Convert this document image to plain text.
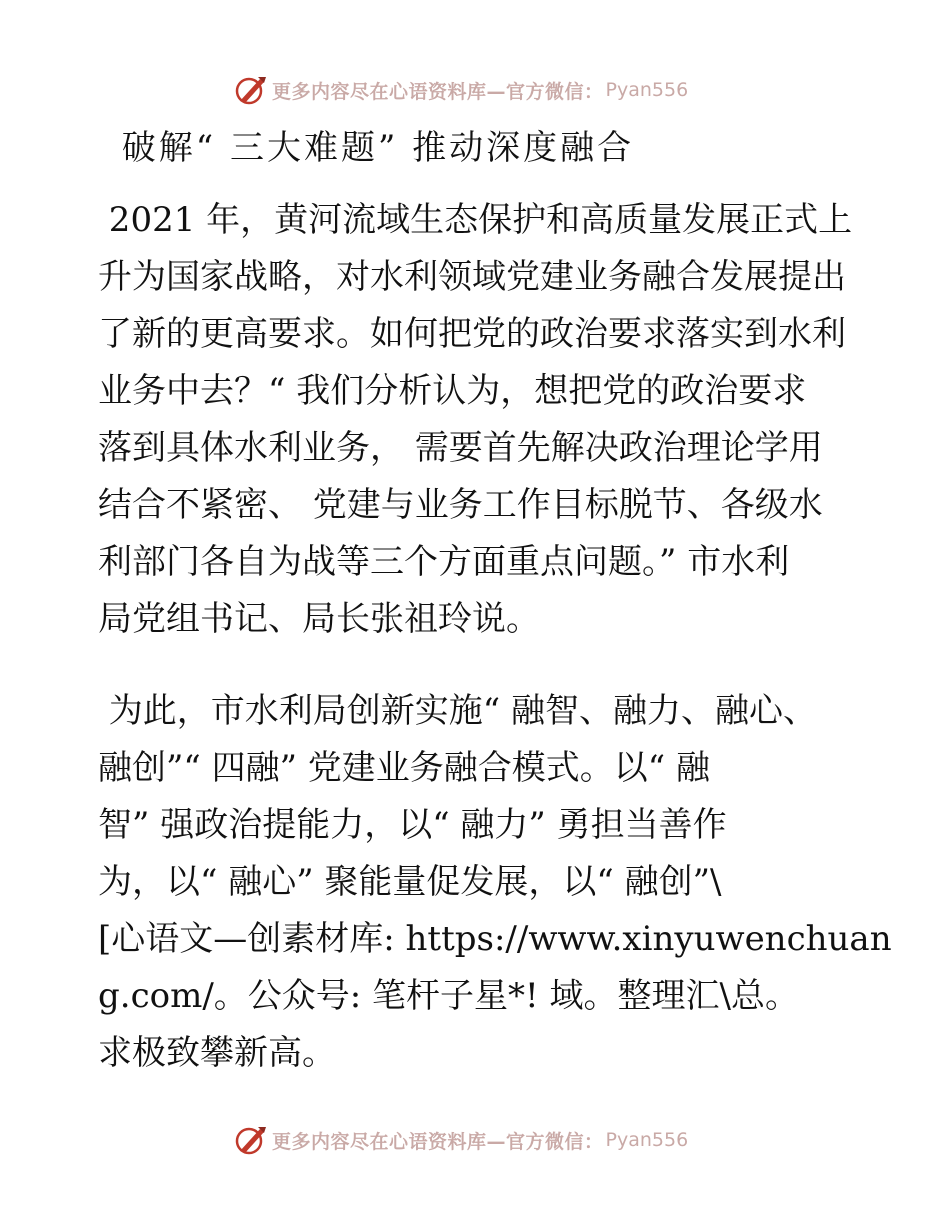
更多内容尽在心语资料库—官方微信： Pyan556
破解“ 三大难题” 推动深度融合
2021 年，黄河流域生态保护和高质量发展正式上
升为国家战略，对水利领域党建业务融合发展提出
了新的更高要求。如何把党的政治要求落实到水利
业务中去？“ 我们分析认为，想把党的政治要求
落到具体水利业务， 需要首先解决政治理论学用
结合不紧密、 党建与业务工作目标脱节、各级水
利部门各自为战等三个方面重点问题。” 市水利
局党组书记、局长张祖玲说。
为此，市水利局创新实施“ 融智、融力、融心、
融创”“ 四融” 党建业务融合模式。以“ 融
智” 强政治提能力，以“ 融力” 勇担当善作
为，以“ 融心” 聚能量促发展，以“ 融创”\
[心语文—创素材库: https://www.xinyuwenchuan
g.com/。公众号: 笔杆子星*! 域。整理汇\总。
求极致攀新高。
更多内容尽在心语资料库—官方微信： Pyan556
